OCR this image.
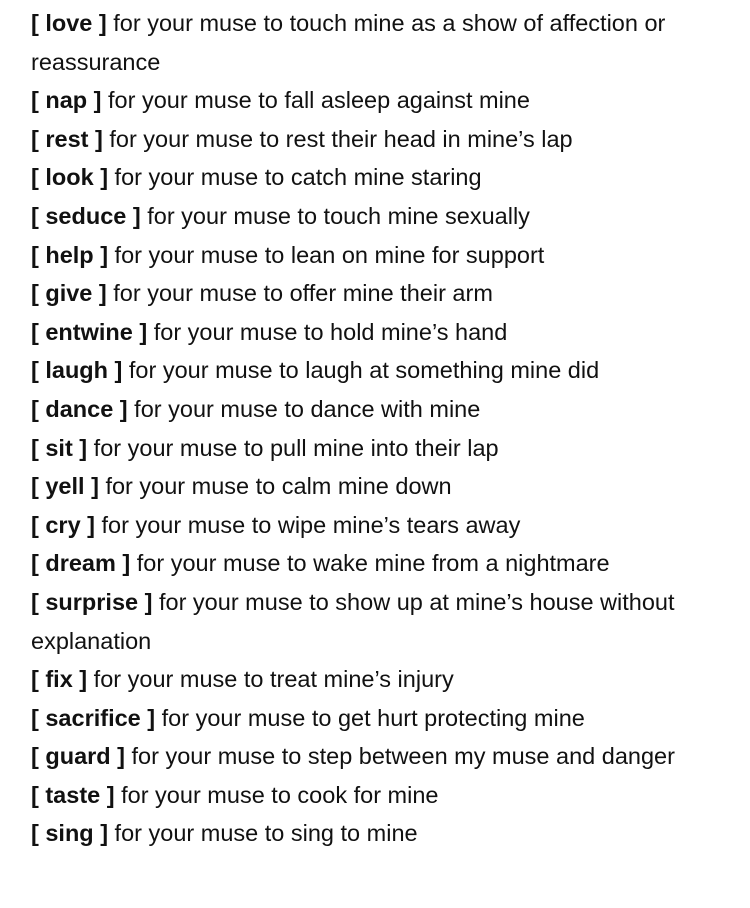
[ love ] for your muse to touch mine as a show of affection or reassurance
[ nap ] for your muse to fall asleep against mine
[ rest ] for your muse to rest their head in mine’s lap
[ look ] for your muse to catch mine staring
[ seduce ] for your muse to touch mine sexually
[ help ] for your muse to lean on mine for support
[ give ] for your muse to offer mine their arm
[ entwine ] for your muse to hold mine’s hand
[ laugh ] for your muse to laugh at something mine did
[ dance ] for your muse to dance with mine
[ sit ] for your muse to pull mine into their lap
[ yell ] for your muse to calm mine down
[ cry ] for your muse to wipe mine’s tears away
[ dream ] for your muse to wake mine from a nightmare
[ surprise ] for your muse to show up at mine’s house without explanation
[ fix ] for your muse to treat mine’s injury
[ sacrifice ] for your muse to get hurt protecting mine
[ guard ] for your muse to step between my muse and danger
[ taste ] for your muse to cook for mine
[ sing ] for your muse to sing to mine
